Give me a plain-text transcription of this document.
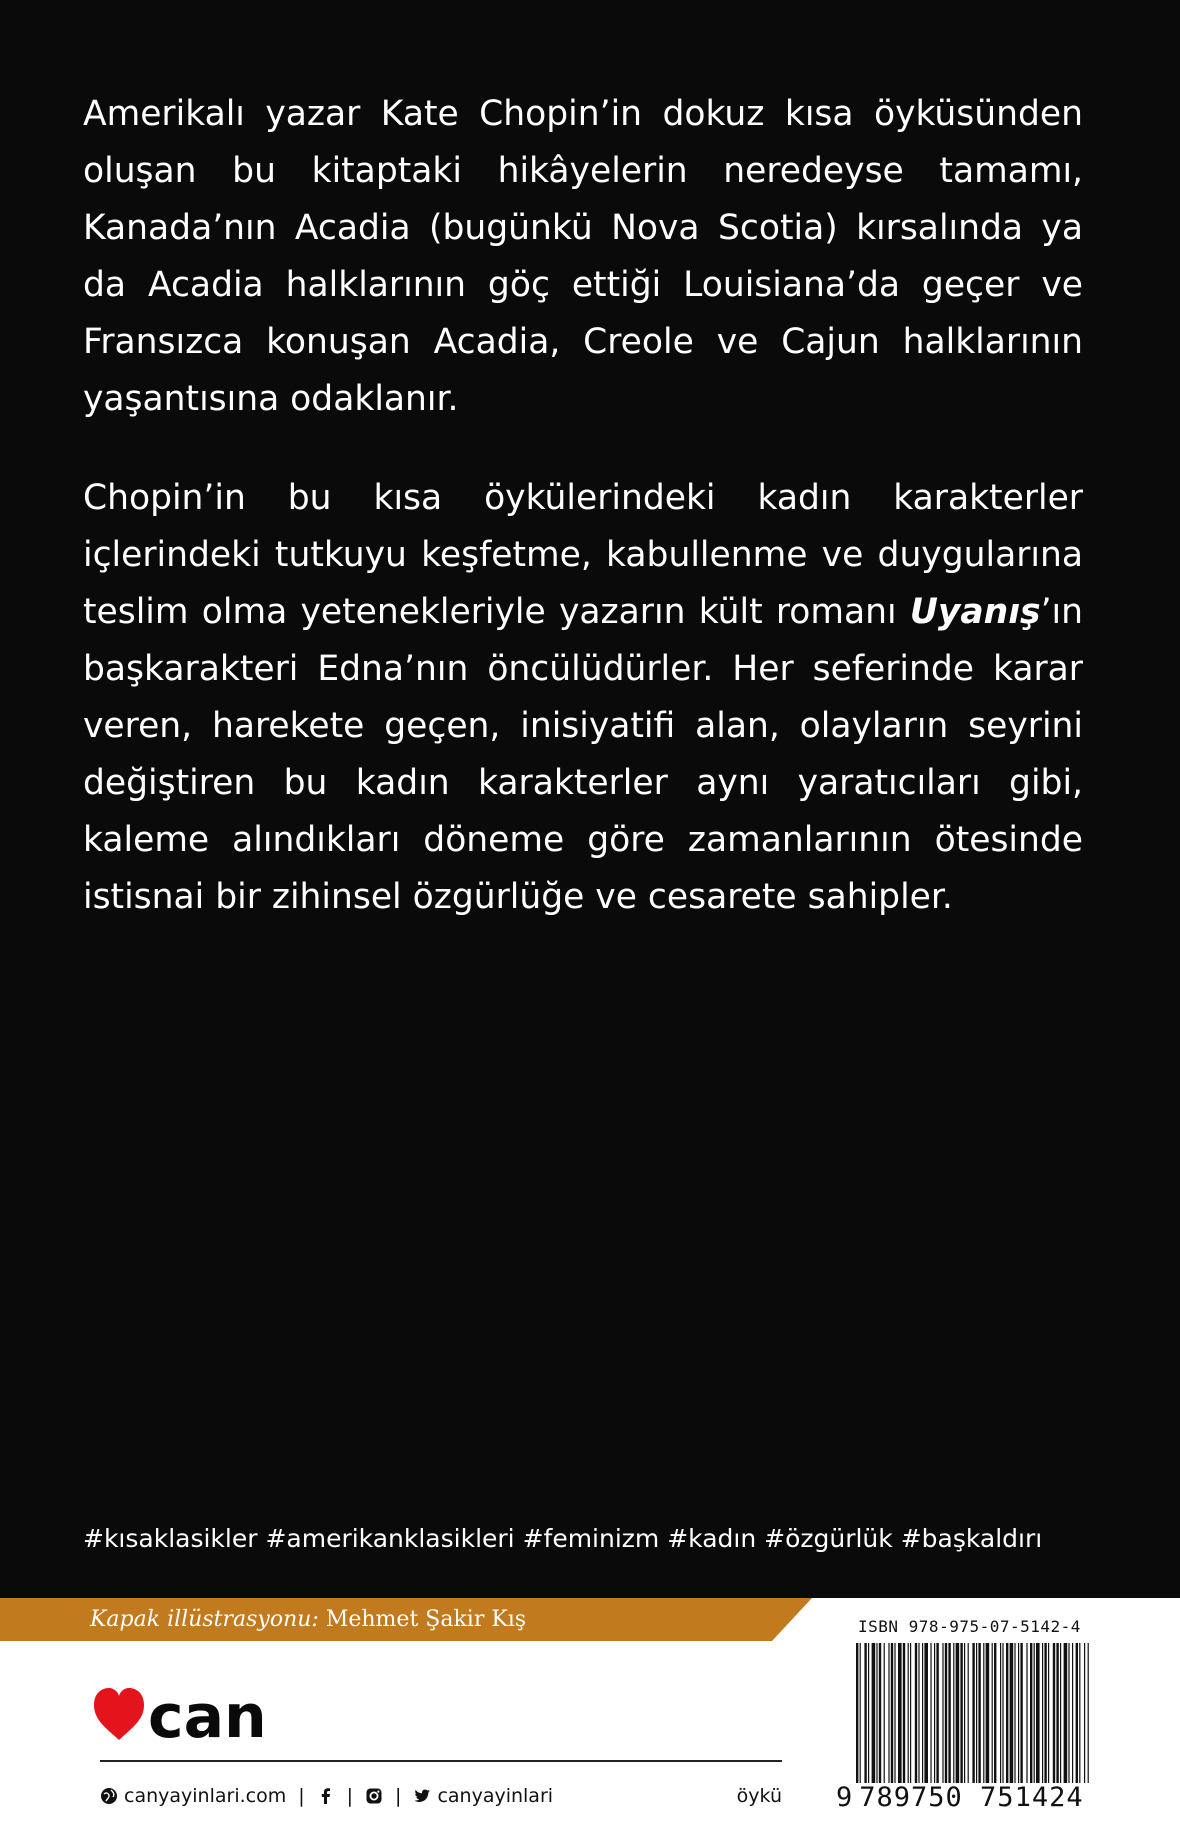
Amerikalı yazar Kate Chopin’in dokuz kısa öyküsünden oluşan bu kitaptaki hikâyelerin neredeyse tamamı, Kanada’nın Acadia (bugünkü Nova Scotia) kırsalında ya da Acadia halklarının göç ettiği Louisiana’da geçer ve Fransızca konuşan Acadia, Creole ve Cajun halklarının yaşantısına odaklanır.

Chopin’in bu kısa öykülerindeki kadın karakterler içlerindeki tutkuyu keşfetme, kabullenme ve duygularına teslim olma yetenekleriyle yazarın kült romanı Uyanış’ın başkarakteri Edna’nın öncülüdürler. Her seferinde karar veren, harekete geçen, inisiyatifi alan, olayların seyrini değiştiren bu kadın karakterler aynı yaratıcıları gibi, kaleme alındıkları döneme göre zamanlarının ötesinde istisnai bir zihinsel özgürlüğe ve cesarete sahipler.

#kısaklasikler #amerikanklasikleri #feminizm #kadın #özgürlük #başkaldırı
Kapak illüstrasyonu: Mehmet Şakir Kış
can
canyayinlari.com | | | canyayinlari	öykü
ISBN 978-975-07-5142-4
9 789750 751424
